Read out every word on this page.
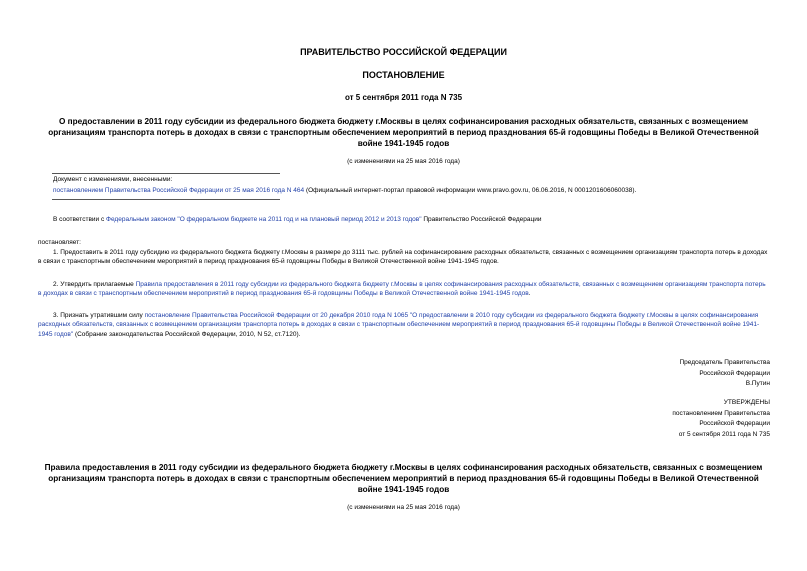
ПРАВИТЕЛЬСТВО РОССИЙСКОЙ ФЕДЕРАЦИИ
ПОСТАНОВЛЕНИЕ
от 5 сентября 2011 года N 735
О предоставлении в 2011 году субсидии из федерального бюджета бюджету г.Москвы в целях софинансирования расходных обязательств, связанных с возмещением организациям транспорта потерь в доходах в связи с транспортным обеспечением мероприятий в период празднования 65-й годовщины Победы в Великой Отечественной войне 1941-1945 годов
(с изменениями на 25 мая 2016 года)
Документ с изменениями, внесенными:
постановлением Правительства Российской Федерации от 25 мая 2016 года N 464 (Официальный интернет-портал правовой информации www.pravo.gov.ru, 06.06.2016, N 0001201606060038).
В соответствии с Федеральным законом "О федеральном бюджете на 2011 год и на плановый период 2012 и 2013 годов" Правительство Российской Федерации
постановляет:
1. Предоставить в 2011 году субсидию из федерального бюджета бюджету г.Москвы в размере до 3111 тыс. рублей на софинансирование расходных обязательств, связанных с возмещением организациям транспорта потерь в доходах в связи с транспортным обеспечением мероприятий в период празднования 65-й годовщины Победы в Великой Отечественной войне 1941-1945 годов.
2. Утвердить прилагаемые Правила предоставления в 2011 году субсидии из федерального бюджета бюджету г.Москвы в целях софинансирования расходных обязательств, связанных с возмещением организациям транспорта потерь в доходах в связи с транспортным обеспечением мероприятий в период празднования 65-й годовщины Победы в Великой Отечественной войне 1941-1945 годов.
3. Признать утратившим силу постановление Правительства Российской Федерации от 20 декабря 2010 года N 1065 "О предоставлении в 2010 году субсидии из федерального бюджета бюджету г.Москвы в целях софинансирования расходных обязательств, связанных с возмещением организациям транспорта потерь в доходах в связи с транспортным обеспечением мероприятий в период празднования 65-й годовщины Победы в Великой Отечественной войне 1941-1945 годов" (Собрание законодательства Российской Федерации, 2010, N 52, ст.7120).
Председатель Правительства
Российской Федерации
В.Путин
УТВЕРЖДЕНЫ
постановлением Правительства
Российской Федерации
от 5 сентября 2011 года N 735
Правила предоставления в 2011 году субсидии из федерального бюджета бюджету г.Москвы в целях софинансирования расходных обязательств, связанных с возмещением организациям транспорта потерь в доходах в связи с транспортным обеспечением мероприятий в период празднования 65-й годовщины Победы в Великой Отечественной войне 1941-1945 годов
(с изменениями на 25 мая 2016 года)
